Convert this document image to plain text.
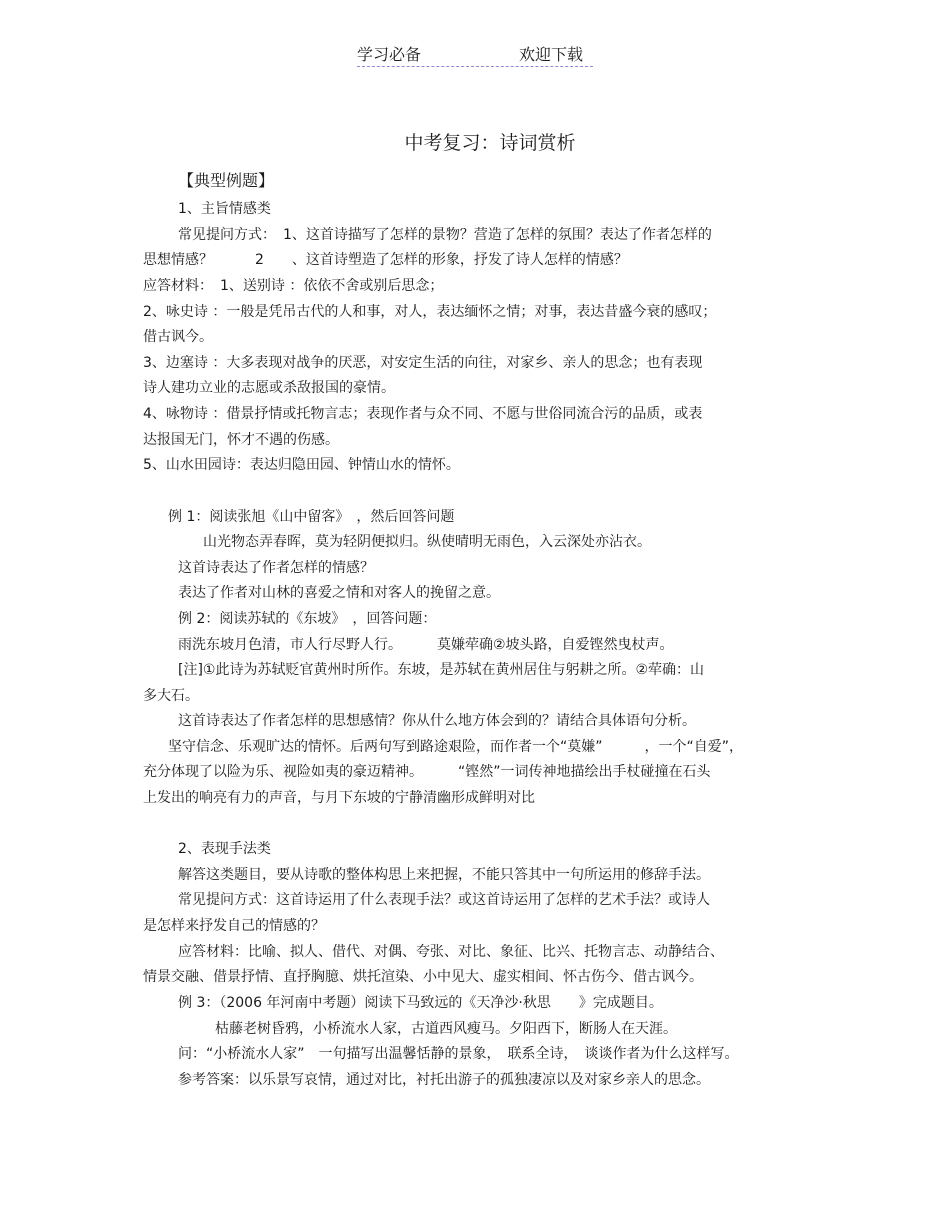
学习必备	欢迎下载
中考复习：诗词赏析
【典型例题】
1、主旨情感类
常见提问方式：　1、这首诗描写了怎样的景物？营造了怎样的氛围？表达了作者怎样的
思想情感？　　　2　　、这首诗塑造了怎样的形象，抒发了诗人怎样的情感？
应答材料：　1、送别诗 ：依依不舍或别后思念；
2、咏史诗 ：一般是凭吊古代的人和事，对人，表达缅怀之情；对事，表达昔盛今衰的感叹；
借古讽今。
3、边塞诗 ：大多表现对战争的厌恶，对安定生活的向往，对家乡、亲人的思念；也有表现
诗人建功立业的志愿或杀敌报国的豪情。
4、咏物诗 ：借景抒情或托物言志；表现作者与众不同、不愿与世俗同流合污的品质，或表
达报国无门，怀才不遇的伤感。
5、山水田园诗：表达归隐田园、钟情山水的情怀。
例 1：阅读张旭《山中留客》　，然后回答问题
山光物态弄春晖，莫为轻阴便拟归。纵使晴明无雨色，入云深处亦沾衣。
这首诗表达了作者怎样的情感？
表达了作者对山林的喜爱之情和对客人的挽留之意。
例 2：阅读苏轼的《东坡》　，回答问题：
雨洗东坡月色清，市人行尽野人行。　　　莫嫌荦确②坡头路，自爱铿然曳杖声。
[注]①此诗为苏轼贬官黄州时所作。东坡，是苏轼在黄州居住与躬耕之所。②荦确：山
多大石。
这首诗表达了作者怎样的思想感情？你从什么地方体会到的？请结合具体语句分析。
坚守信念、乐观旷达的情怀。后两句写到路途艰险，而作者一个“莫嫌”　　　，一个“自爱”，
充分体现了以险为乐、视险如夷的豪迈精神。　　　“铿然”一词传神地描绘出手杖碰撞在石头
上发出的响亮有力的声音，与月下东坡的宁静清幽形成鲜明对比
2、表现手法类
解答这类题目，要从诗歌的整体构思上来把握，不能只答其中一句所运用的修辞手法。
常见提问方式：这首诗运用了什么表现手法？或这首诗运用了怎样的艺术手法？或诗人
是怎样来抒发自己的情感的？
应答材料：比喻、拟人、借代、对偶、夸张、对比、象征、比兴、托物言志、动静结合、
情景交融、借景抒情、直抒胸臆、烘托渲染、小中见大、虚实相间、怀古伤今、借古讽今。
例 3：（2006 年河南中考题）阅读下马致远的《天净沙·秋思　　》完成题目。
枯藤老树昏鸦，小桥流水人家，古道西风瘦马。夕阳西下，断肠人在天涯。
问：“小桥流水人家”　一句描写出温馨恬静的景象，　联系全诗，　谈谈作者为什么这样写。
参考答案：以乐景写哀情，通过对比，衬托出游子的孤独凄凉以及对家乡亲人的思念。
